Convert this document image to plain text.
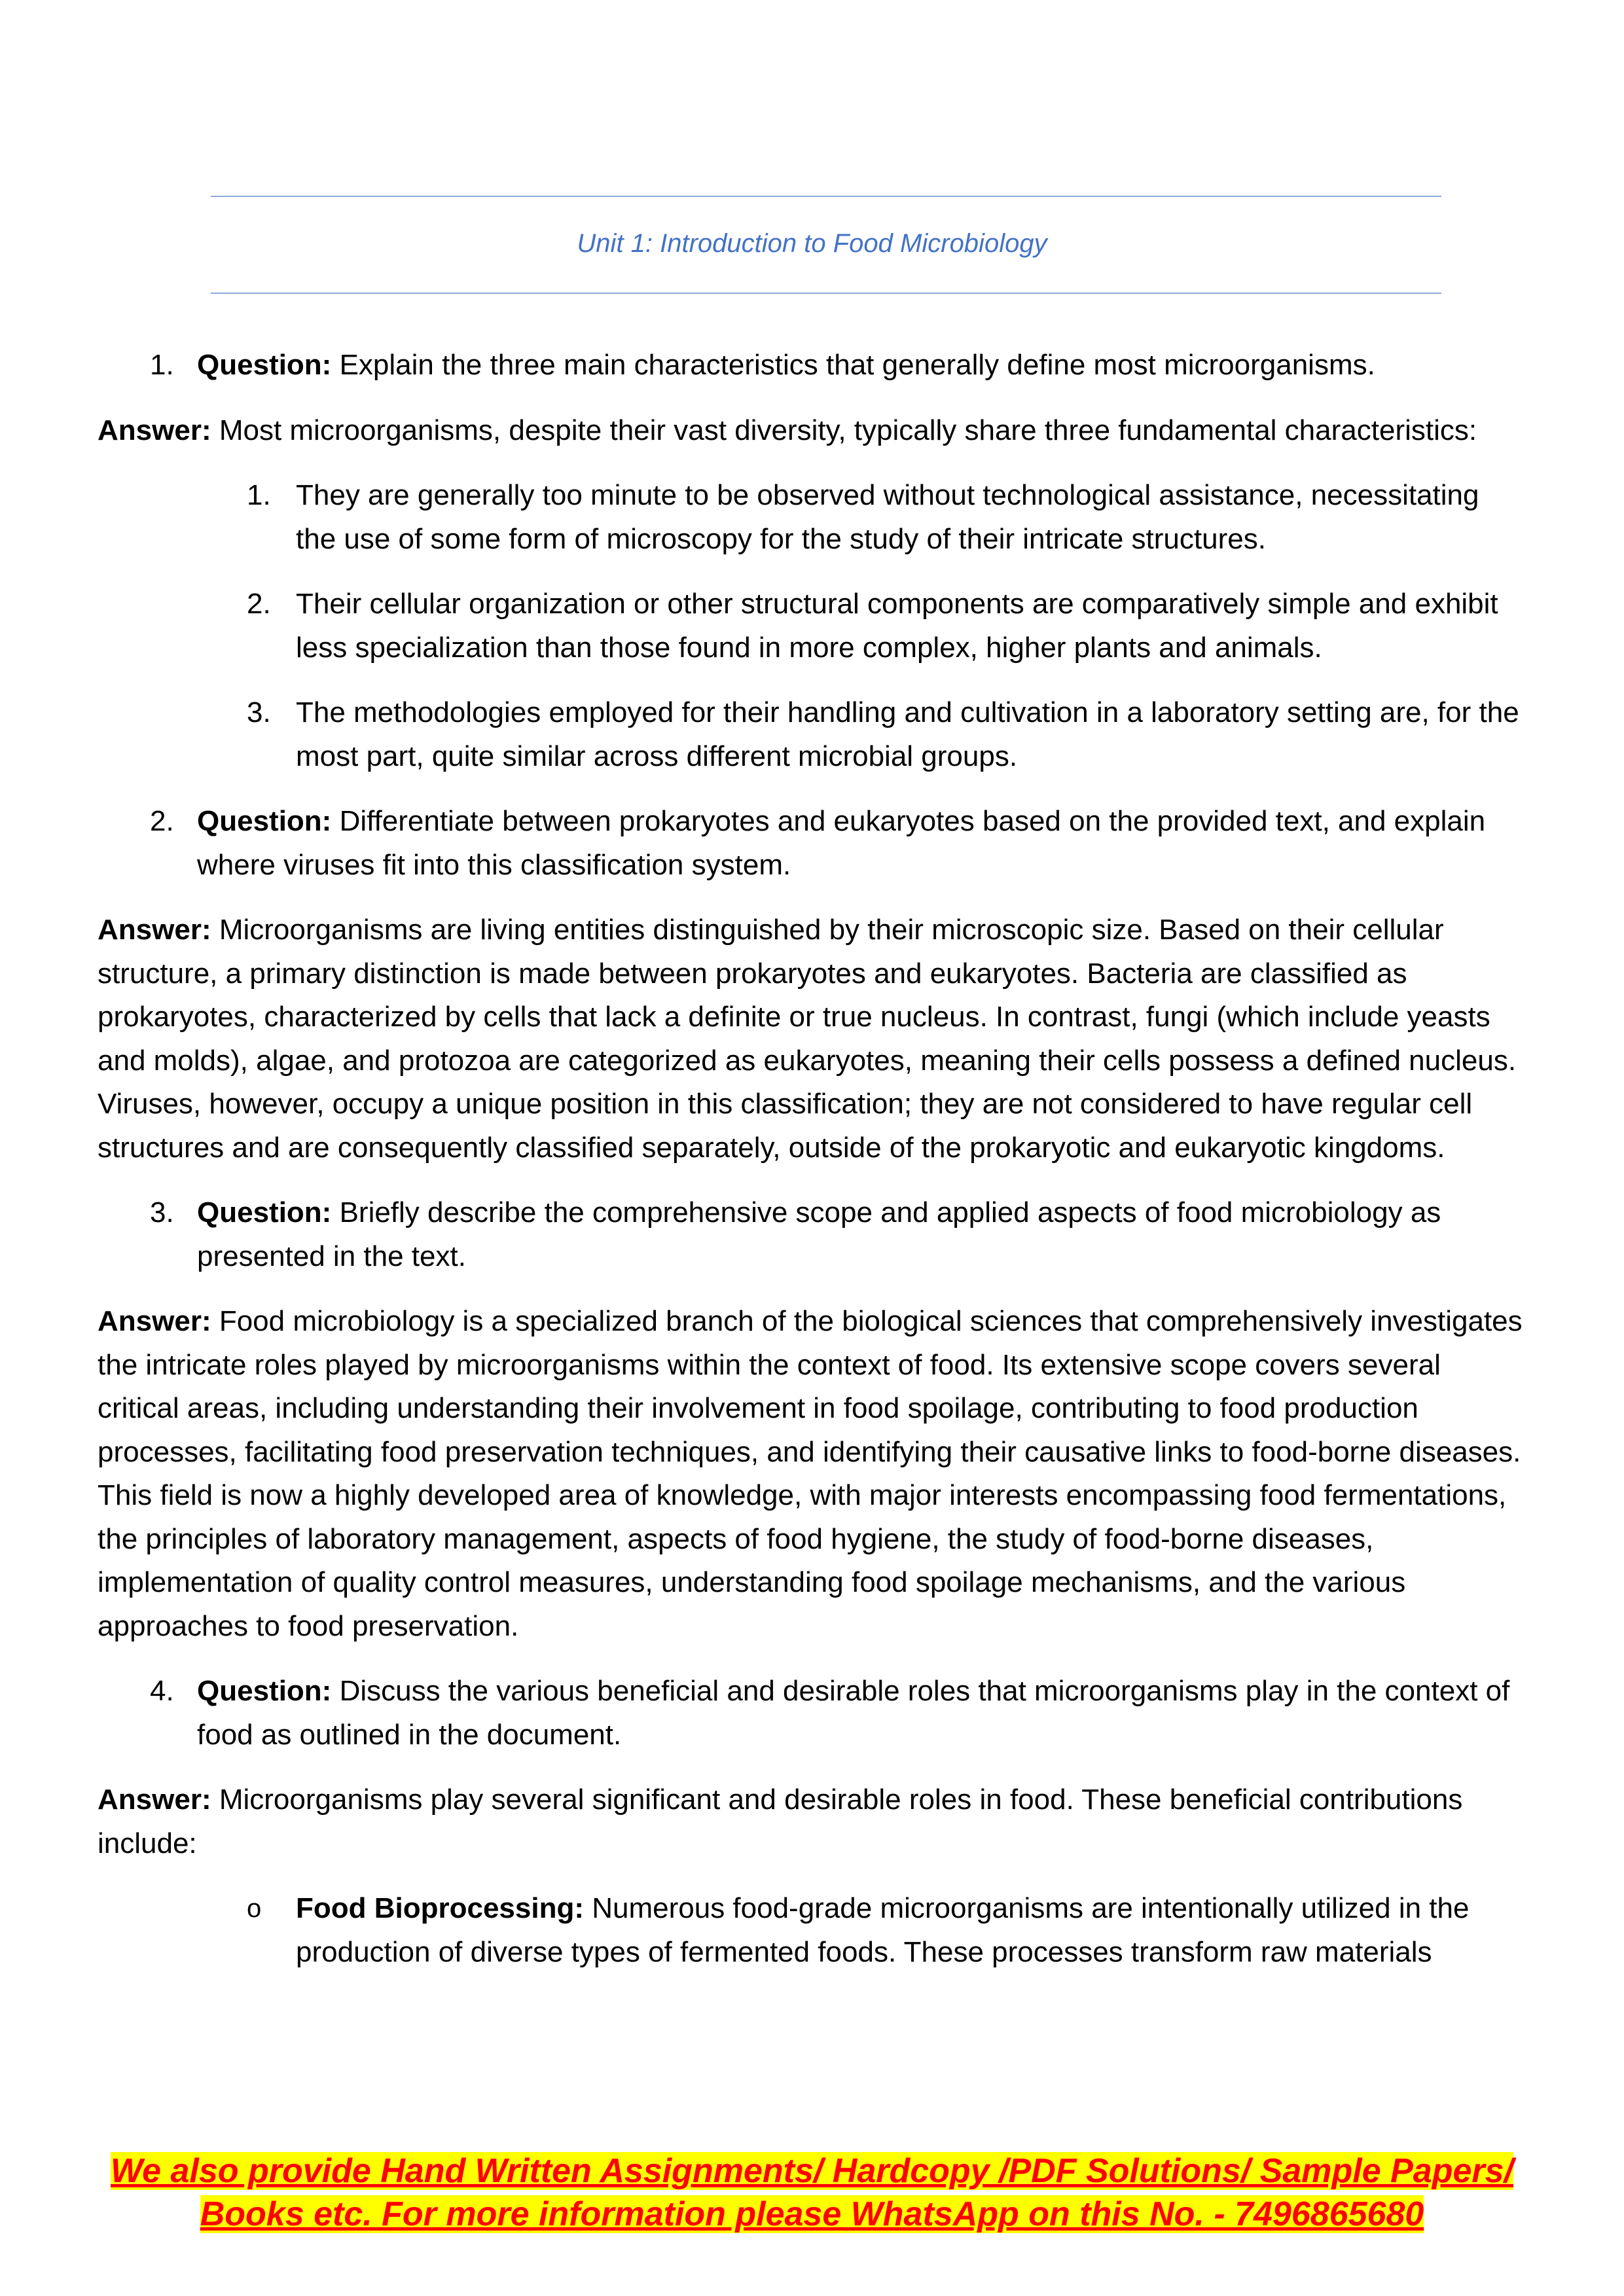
Unit 1: Introduction to Food Microbiology
1. Question: Explain the three main characteristics that generally define most microorganisms.
Answer: Most microorganisms, despite their vast diversity, typically share three fundamental characteristics:
1. They are generally too minute to be observed without technological assistance, necessitating the use of some form of microscopy for the study of their intricate structures.
2. Their cellular organization or other structural components are comparatively simple and exhibit less specialization than those found in more complex, higher plants and animals.
3. The methodologies employed for their handling and cultivation in a laboratory setting are, for the most part, quite similar across different microbial groups.
2. Question: Differentiate between prokaryotes and eukaryotes based on the provided text, and explain where viruses fit into this classification system.
Answer: Microorganisms are living entities distinguished by their microscopic size. Based on their cellular structure, a primary distinction is made between prokaryotes and eukaryotes. Bacteria are classified as prokaryotes, characterized by cells that lack a definite or true nucleus. In contrast, fungi (which include yeasts and molds), algae, and protozoa are categorized as eukaryotes, meaning their cells possess a defined nucleus. Viruses, however, occupy a unique position in this classification; they are not considered to have regular cell structures and are consequently classified separately, outside of the prokaryotic and eukaryotic kingdoms.
3. Question: Briefly describe the comprehensive scope and applied aspects of food microbiology as presented in the text.
Answer: Food microbiology is a specialized branch of the biological sciences that comprehensively investigates the intricate roles played by microorganisms within the context of food. Its extensive scope covers several critical areas, including understanding their involvement in food spoilage, contributing to food production processes, facilitating food preservation techniques, and identifying their causative links to food-borne diseases. This field is now a highly developed area of knowledge, with major interests encompassing food fermentations, the principles of laboratory management, aspects of food hygiene, the study of food-borne diseases, implementation of quality control measures, understanding food spoilage mechanisms, and the various approaches to food preservation.
4. Question: Discuss the various beneficial and desirable roles that microorganisms play in the context of food as outlined in the document.
Answer: Microorganisms play several significant and desirable roles in food. These beneficial contributions include:
o Food Bioprocessing: Numerous food-grade microorganisms are intentionally utilized in the production of diverse types of fermented foods. These processes transform raw materials
We also provide Hand Written Assignments/ Hardcopy /PDF Solutions/ Sample Papers/
Books etc. For more information please WhatsApp on this No. - 7496865680
